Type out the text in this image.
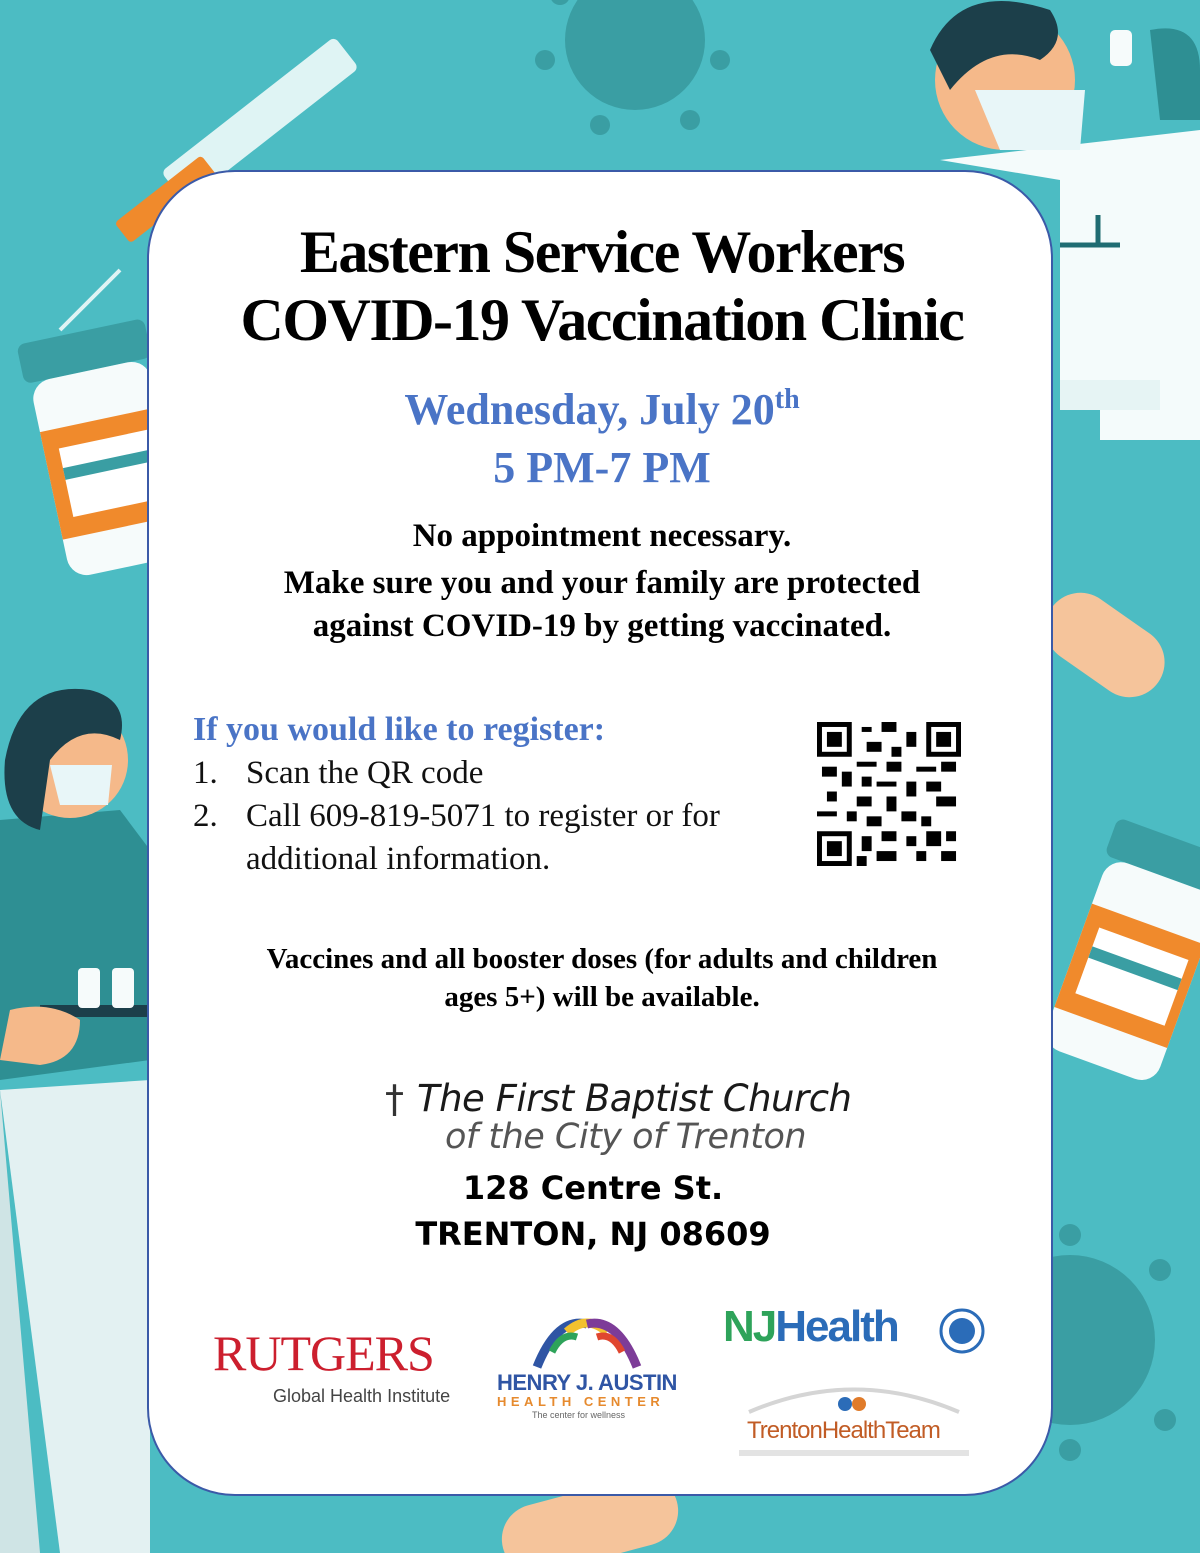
Eastern Service Workers

COVID-19 Vaccination Clinic

Wednesday, July 20th

5 PM-7 PM

No appointment necessary.

Make sure you and your family are protected

against COVID-19 by getting vaccinated.

If you would like to register:

1. Scan the QR code
2. Call 609-819-5071 to register or for additional information.

Vaccines and all booster doses (for adults and children

ages 5+) will be available.

† The First Baptist Church

of the City of Trenton

128 Centre St.

TRENTON, NJ 08609

RUTGERS

Global Health Institute

HENRY J. AUSTIN

HEALTH CENTER

The center for wellness

NJHealth

TrentonHealthTeam
